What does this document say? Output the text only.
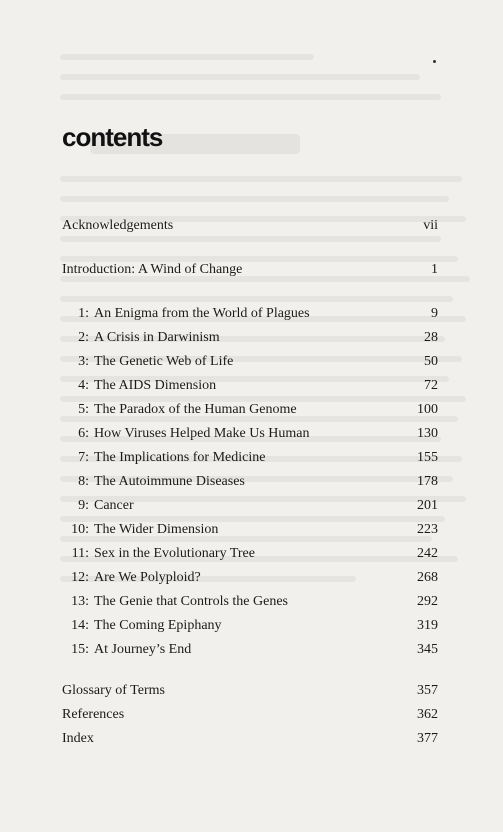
contents
Acknowledgements	vii
Introduction: A Wind of Change	1
1: An Enigma from the World of Plagues	9
2: A Crisis in Darwinism	28
3: The Genetic Web of Life	50
4: The AIDS Dimension	72
5: The Paradox of the Human Genome	100
6: How Viruses Helped Make Us Human	130
7: The Implications for Medicine	155
8: The Autoimmune Diseases	178
9: Cancer	201
10: The Wider Dimension	223
11: Sex in the Evolutionary Tree	242
12: Are We Polyploid?	268
13: The Genie that Controls the Genes	292
14: The Coming Epiphany	319
15: At Journey’s End	345
Glossary of Terms	357
References	362
Index	377
